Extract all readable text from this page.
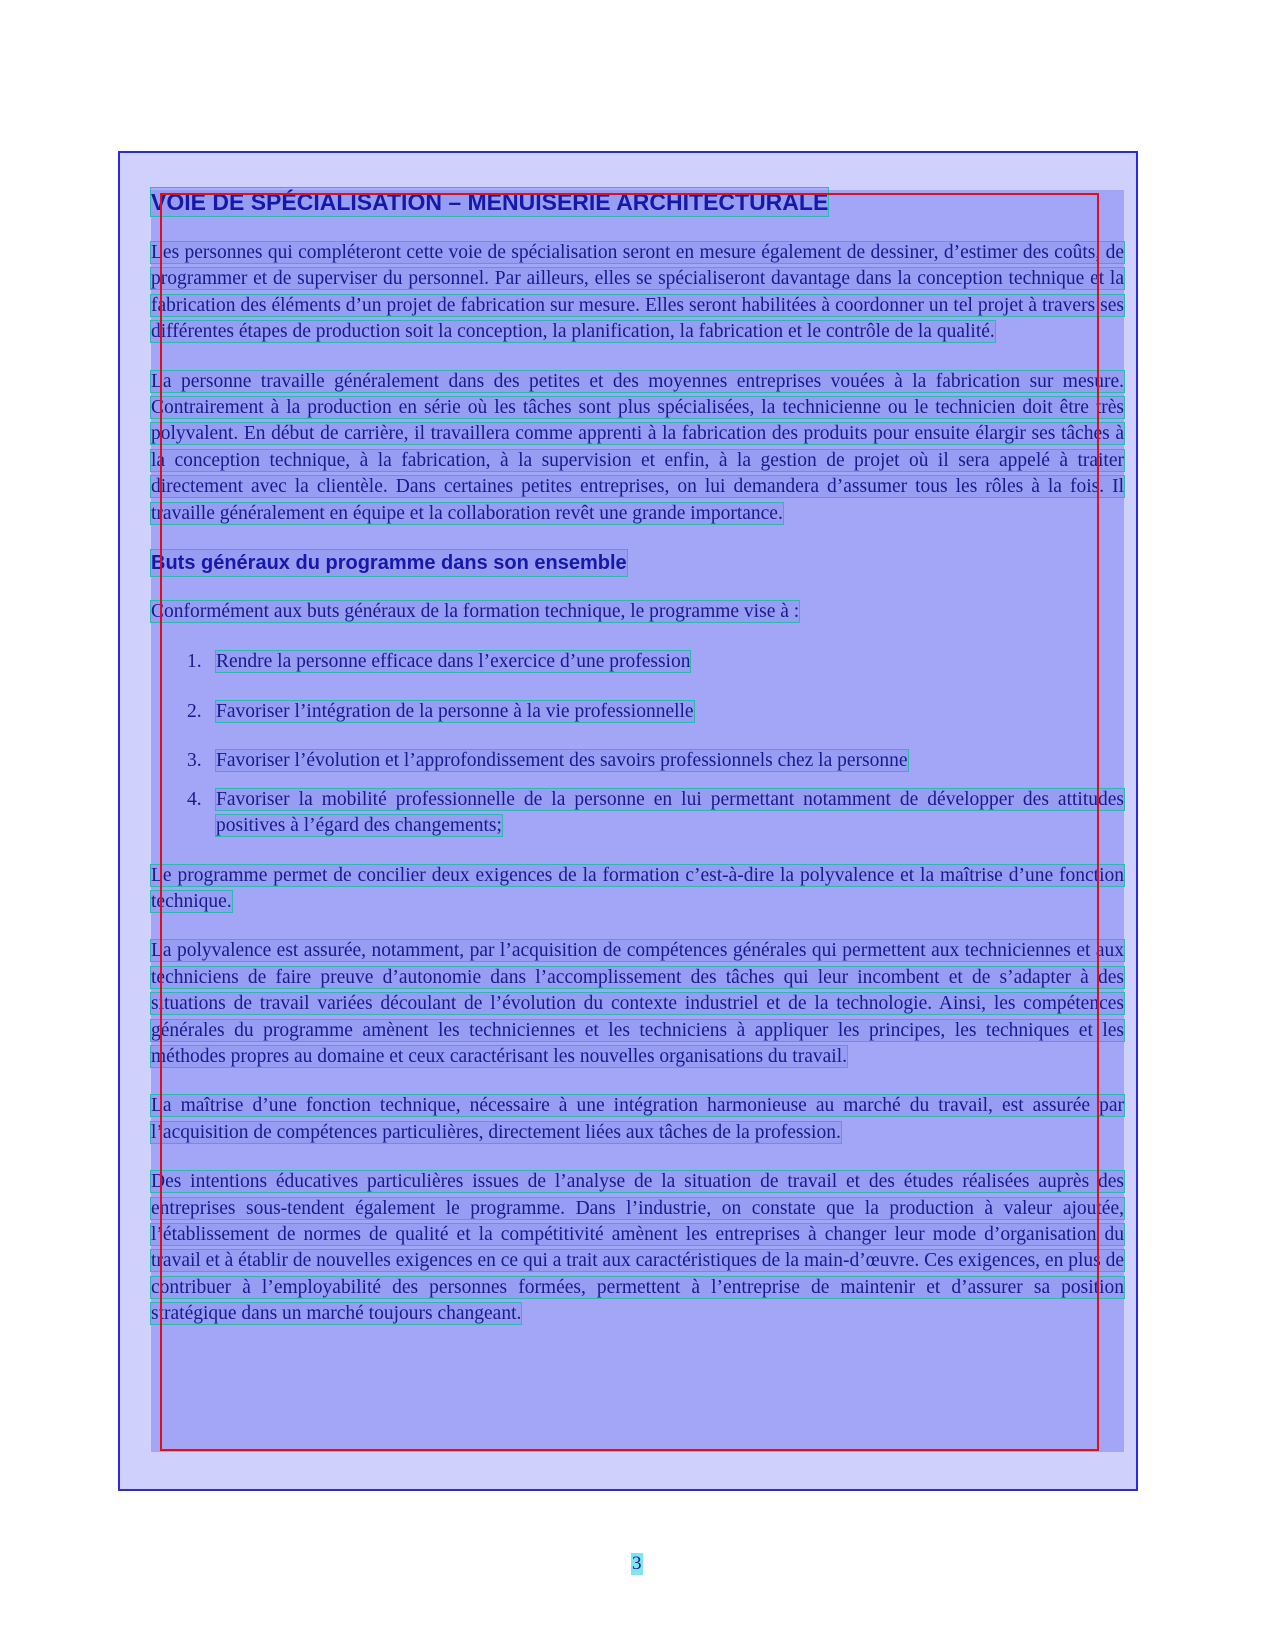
VOIE DE SPÉCIALISATION – MENUISERIE ARCHITECTURALE

Les personnes qui compléteront cette voie de spécialisation seront en mesure également de dessiner, d’estimer des coûts, de programmer et de superviser du personnel. Par ailleurs, elles se spécialiseront davantage dans la conception technique et la fabrication des éléments d’un projet de fabrication sur mesure. Elles seront habilitées à coordonner un tel projet à travers ses différentes étapes de production soit la conception, la planification, la fabrication et le contrôle de la qualité.

La personne travaille généralement dans des petites et des moyennes entreprises vouées à la fabrication sur mesure. Contrairement à la production en série où les tâches sont plus spécialisées, la technicienne ou le technicien doit être très polyvalent. En début de carrière, il travaillera comme apprenti à la fabrication des produits pour ensuite élargir ses tâches à la conception technique, à la fabrication, à la supervision et enfin, à la gestion de projet où il sera appelé à traiter directement avec la clientèle. Dans certaines petites entreprises, on lui demandera d’assumer tous les rôles à la fois. Il travaille généralement en équipe et la collaboration revêt une grande importance.

Buts généraux du programme dans son ensemble

Conformément aux buts généraux de la formation technique, le programme vise à :

1. Rendre la personne efficace dans l’exercice d’une profession
2. Favoriser l’intégration de la personne à la vie professionnelle
3. Favoriser l’évolution et l’approfondissement des savoirs professionnels chez la personne
4. Favoriser la mobilité professionnelle de la personne en lui permettant notamment de développer des attitudes positives à l’égard des changements;

Le programme permet de concilier deux exigences de la formation c’est-à-dire la polyvalence et la maîtrise d’une fonction technique.

La polyvalence est assurée, notamment, par l’acquisition de compétences générales qui permettent aux techniciennes et aux techniciens de faire preuve d’autonomie dans l’accomplissement des tâches qui leur incombent et de s’adapter à des situations de travail variées découlant de l’évolution du contexte industriel et de la technologie. Ainsi, les compétences générales du programme amènent les techniciennes et les techniciens à appliquer les principes, les techniques et les méthodes propres au domaine et ceux caractérisant les nouvelles organisations du travail.

La maîtrise d’une fonction technique, nécessaire à une intégration harmonieuse au marché du travail, est assurée par l’acquisition de compétences particulières, directement liées aux tâches de la profession.

Des intentions éducatives particulières issues de l’analyse de la situation de travail et des études réalisées auprès des entreprises sous-tendent également le programme. Dans l’industrie, on constate que la production à valeur ajoutée, l’établissement de normes de qualité et la compétitivité amènent les entreprises à changer leur mode d’organisation du travail et à établir de nouvelles exigences en ce qui a trait aux caractéristiques de la main-d’œuvre. Ces exigences, en plus de contribuer à l’employabilité des personnes formées, permettent à l’entreprise de maintenir et d’assurer sa position stratégique dans un marché toujours changeant.

3
